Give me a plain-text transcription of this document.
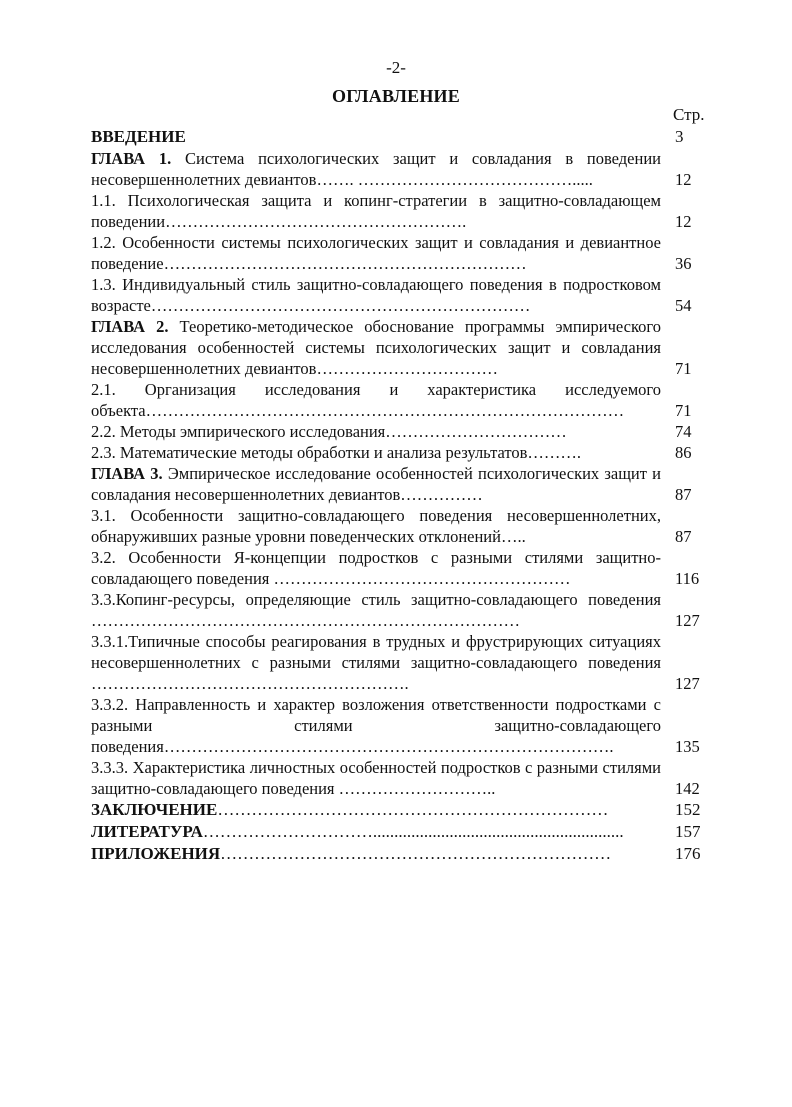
-2-
ОГЛАВЛЕНИЕ
Стр.
ВВЕДЕНИЕ	3
ГЛАВА 1. Система психологических защит и совладания в поведении несовершеннолетних девиантов……. ………………………………….....	12
1.1. Психологическая защита и копинг-стратегии в защитно-совладающем поведении……………………………………………….	12
1.2. Особенности системы психологических защит и совладания и девиантное поведение…………………………………………………………	36
1.3. Индивидуальный стиль защитно-совладающего поведения в подростковом возрасте……………………………………………………………	54
ГЛАВА 2. Теоретико-методическое обоснование программы эмпирического исследования особенностей системы психологических защит и совладания несовершеннолетних девиантов……………………………	71
2.1. Организация исследования и характеристика исследуемого объекта……………………………………………………………………………	71
2.2. Методы эмпирического исследования……………………………	74
2.3. Математические методы обработки и анализа результатов……….	86
ГЛАВА 3. Эмпирическое исследование особенностей психологических защит и совладания несовершеннолетних девиантов……………	87
3.1. Особенности защитно-совладающего поведения несовершеннолетних, обнаруживших разные уровни поведенческих отклонений…..	87
3.2. Особенности Я-концепции подростков с разными стилями защитно-совладающего поведения ………………………………………………	116
3.3.Копинг-ресурсы, определяющие стиль защитно-совладающего поведения ……………………………………………………………………	127
3.3.1.Типичные способы реагирования в трудных и фрустрирующих ситуациях несовершеннолетних с разными стилями защитно-совладающего поведения ………………………………………………….	127
3.3.2. Направленность и характер возложения ответственности подростками с разными стилями защитно-совладающего поведения……………………………………………………………………….	135
3.3.3. Характеристика личностных особенностей подростков с разными стилями защитно-совладающего поведения ………………………..	142
ЗАКЛЮЧЕНИЕ……………………………………………………………	152
ЛИТЕРАТУРА…………………………...........................................................	157
ПРИЛОЖЕНИЯ……………………………………………………………	176
